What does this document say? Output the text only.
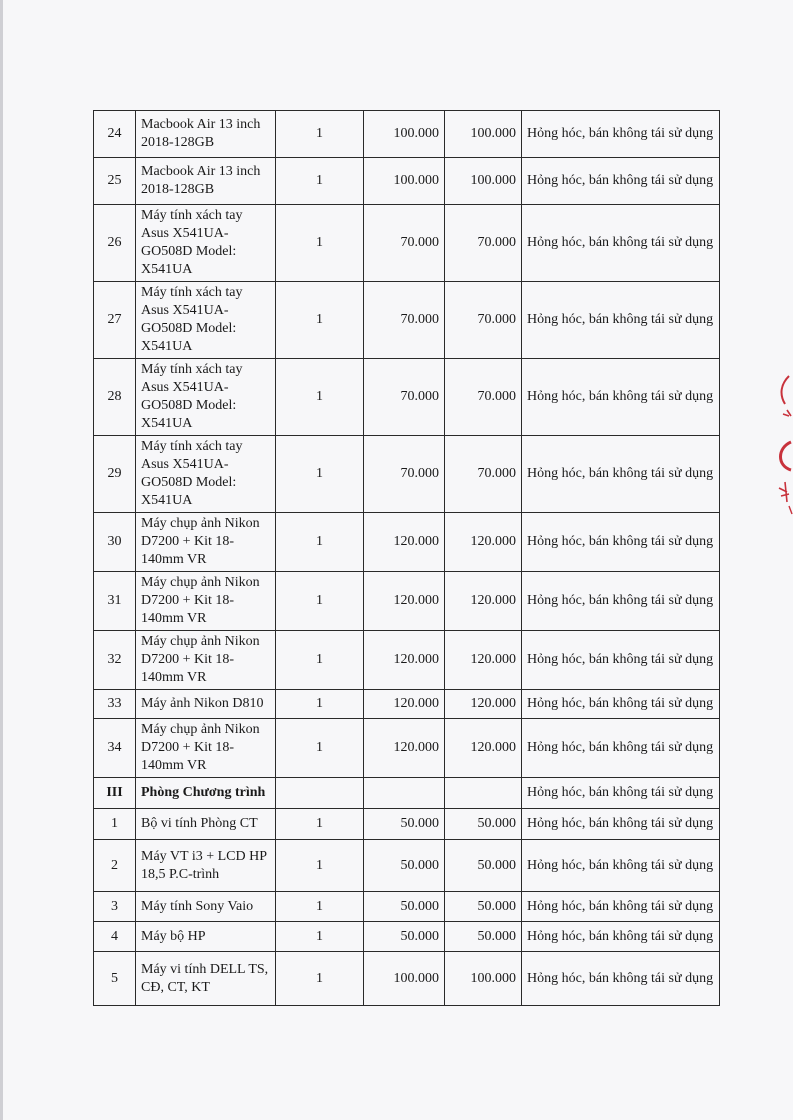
24	Macbook Air 13 inch 2018-128GB	1	100.000	100.000	Hỏng hóc, bán không tái sử dụng
25	Macbook Air 13 inch 2018-128GB	1	100.000	100.000	Hỏng hóc, bán không tái sử dụng
26	Máy tính xách tay Asus X541UA-GO508D Model: X541UA	1	70.000	70.000	Hỏng hóc, bán không tái sử dụng
27	Máy tính xách tay Asus X541UA-GO508D Model: X541UA	1	70.000	70.000	Hỏng hóc, bán không tái sử dụng
28	Máy tính xách tay Asus X541UA-GO508D Model: X541UA	1	70.000	70.000	Hỏng hóc, bán không tái sử dụng
29	Máy tính xách tay Asus X541UA-GO508D Model: X541UA	1	70.000	70.000	Hỏng hóc, bán không tái sử dụng
30	Máy chụp ảnh Nikon D7200 + Kit 18-140mm VR	1	120.000	120.000	Hỏng hóc, bán không tái sử dụng
31	Máy chụp ảnh Nikon D7200 + Kit 18-140mm VR	1	120.000	120.000	Hỏng hóc, bán không tái sử dụng
32	Máy chụp ảnh Nikon D7200 + Kit 18-140mm VR	1	120.000	120.000	Hỏng hóc, bán không tái sử dụng
33	Máy ảnh Nikon D810	1	120.000	120.000	Hỏng hóc, bán không tái sử dụng
34	Máy chụp ảnh Nikon D7200 + Kit 18-140mm VR	1	120.000	120.000	Hỏng hóc, bán không tái sử dụng
III	Phòng Chương trình				Hỏng hóc, bán không tái sử dụng
1	Bộ vi tính Phòng CT	1	50.000	50.000	Hỏng hóc, bán không tái sử dụng
2	Máy VT i3 + LCD HP 18,5 P.C-trình	1	50.000	50.000	Hỏng hóc, bán không tái sử dụng
3	Máy tính Sony Vaio	1	50.000	50.000	Hỏng hóc, bán không tái sử dụng
4	Máy bộ HP	1	50.000	50.000	Hỏng hóc, bán không tái sử dụng
5	Máy vi tính DELL TS, CĐ, CT, KT	1	100.000	100.000	Hỏng hóc, bán không tái sử dụng
